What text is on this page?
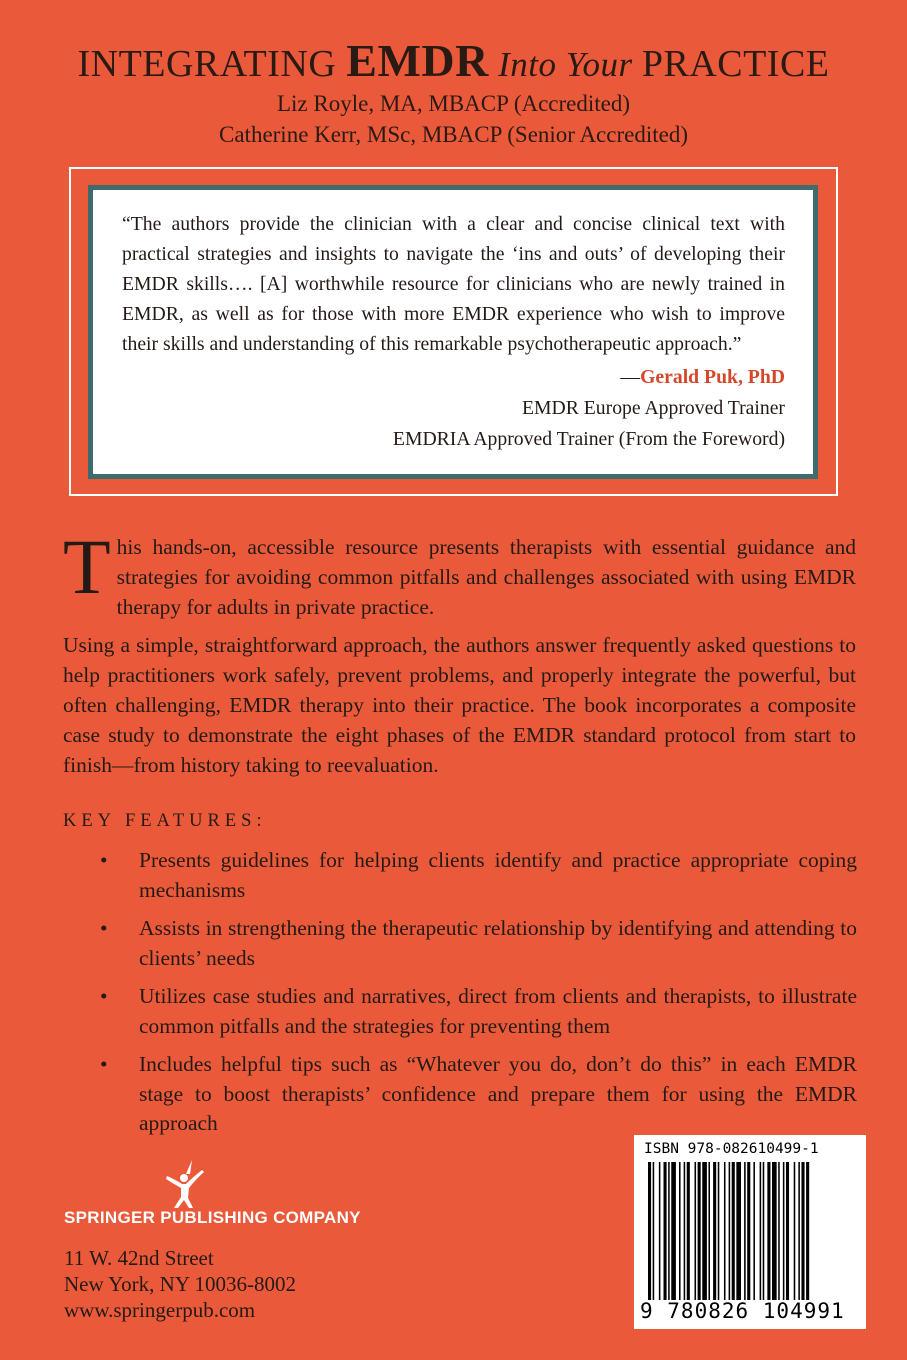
INTEGRATING EMDR Into Your PRACTICE
Liz Royle, MA, MBACP (Accredited)
Catherine Kerr, MSc, MBACP (Senior Accredited)

“The authors provide the clinician with a clear and concise clinical text with practical strategies and insights to navigate the ‘ins and outs’ of developing their EMDR skills…. [A] worthwhile resource for clinicians who are newly trained in EMDR, as well as for those with more EMDR experience who wish to improve their skills and understanding of this remarkable psychotherapeutic approach.”

—Gerald Puk, PhD
EMDR Europe Approved Trainer
EMDRIA Approved Trainer (From the Foreword)

This hands-on, accessible resource presents therapists with essential guidance and strategies for avoiding common pitfalls and challenges associated with using EMDR therapy for adults in private practice.

Using a simple, straightforward approach, the authors answer frequently asked questions to help practitioners work safely, prevent problems, and properly integrate the powerful, but often challenging, EMDR therapy into their practice. The book incorporates a composite case study to demonstrate the eight phases of the EMDR standard protocol from start to finish—from history taking to reevaluation.

KEY FEATURES:

• Presents guidelines for helping clients identify and practice appropriate coping mechanisms
• Assists in strengthening the therapeutic relationship by identifying and attending to clients’ needs
• Utilizes case studies and narratives, direct from clients and therapists, to illustrate common pitfalls and the strategies for preventing them
• Includes helpful tips such as “Whatever you do, don’t do this” in each EMDR stage to boost therapists’ confidence and prepare them for using the EMDR approach
SPRINGER PUBLISHING COMPANY
11 W. 42nd Street
New York, NY 10036-8002
www.springerpub.com
ISBN 978-082610499-1
9 780826 104991
